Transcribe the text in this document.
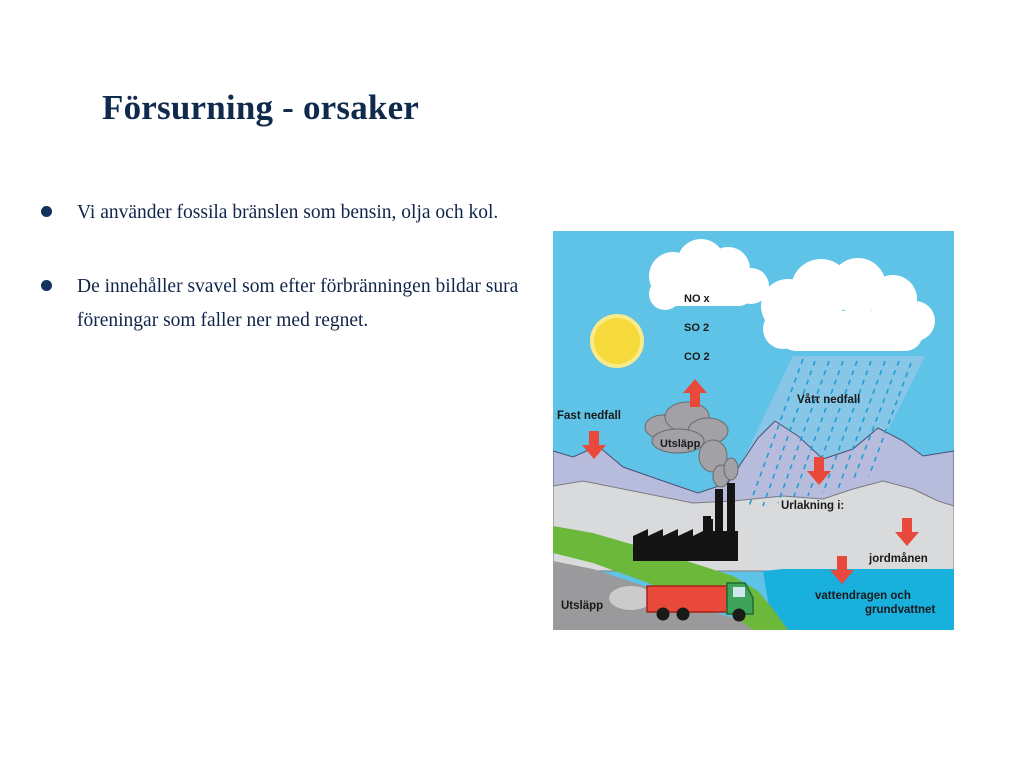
Försurning - orsaker
Vi använder fossila bränslen som bensin, olja och kol.
De innehåller svavel som efter förbränningen bildar sura föreningar som faller ner med regnet.
NO x
SO 2
CO 2
Fast nedfall
Utsläpp
Våtτ nedfall
Urlakning i:
jordmånen
vattendragen och
grundvattnet
Utsläpp
